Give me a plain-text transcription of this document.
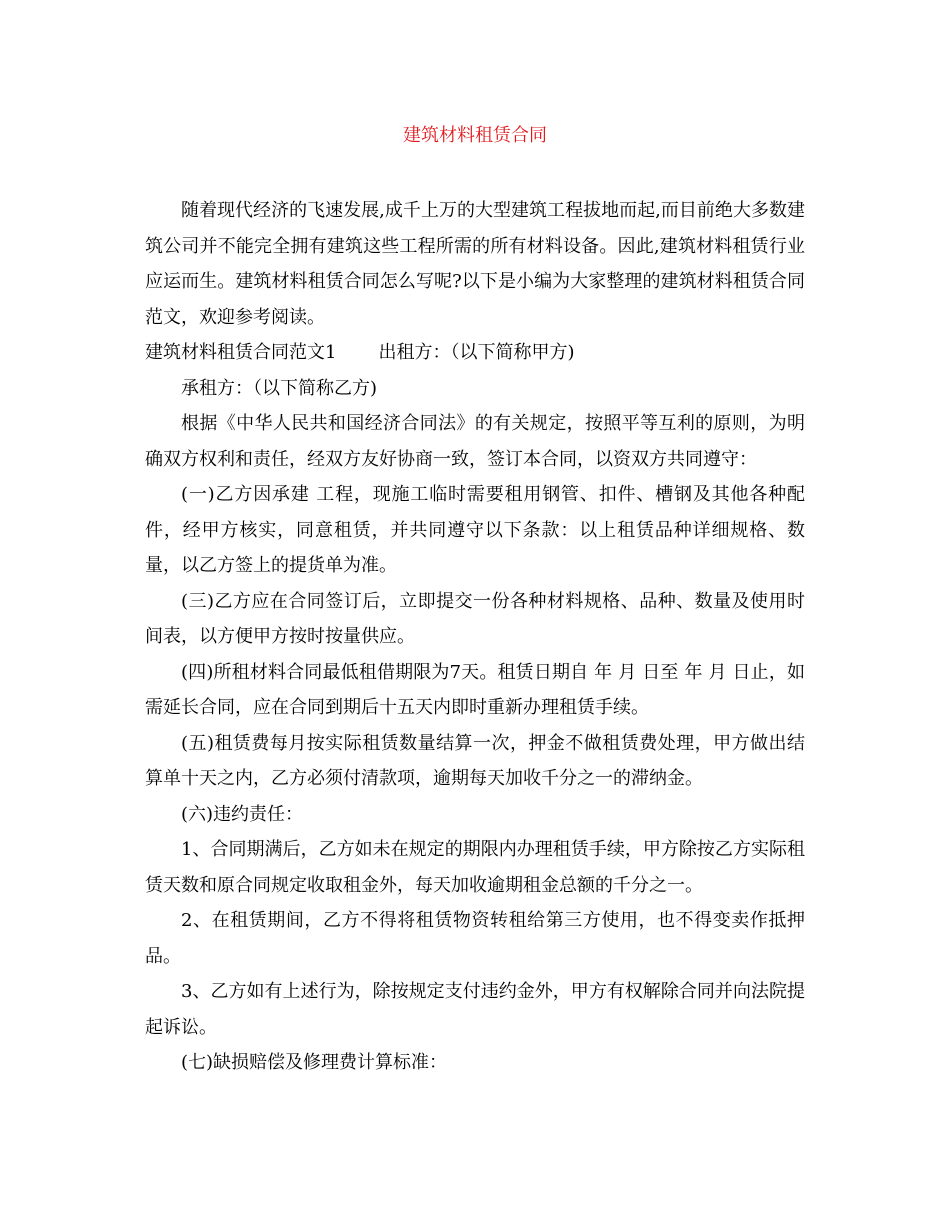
建筑材料租赁合同

随着现代经济的飞速发展,成千上万的大型建筑工程拔地而起,而目前绝大多数建筑公司并不能完全拥有建筑这些工程所需的所有材料设备。因此,建筑材料租赁行业应运而生。建筑材料租赁合同怎么写呢?以下是小编为大家整理的建筑材料租赁合同范文，欢迎参考阅读。

建筑材料租赁合同范文1 出租方：（以下简称甲方)

承租方：（以下简称乙方)

根据《中华人民共和国经济合同法》的有关规定，按照平等互利的原则，为明确双方权利和责任，经双方友好协商一致，签订本合同，以资双方共同遵守：

(一)乙方因承建 工程，现施工临时需要租用钢管、扣件、槽钢及其他各种配件，经甲方核实，同意租赁，并共同遵守以下条款：以上租赁品种详细规格、数量，以乙方签上的提货单为准。

(三)乙方应在合同签订后，立即提交一份各种材料规格、品种、数量及使用时间表，以方便甲方按时按量供应。

(四)所租材料合同最低租借期限为7天。租赁日期自 年 月 日至 年 月 日止，如需延长合同，应在合同到期后十五天内即时重新办理租赁手续。

(五)租赁费每月按实际租赁数量结算一次，押金不做租赁费处理，甲方做出结算单十天之内，乙方必须付清款项，逾期每天加收千分之一的滞纳金。

(六)违约责任：

1、合同期满后，乙方如未在规定的期限内办理租赁手续，甲方除按乙方实际租赁天数和原合同规定收取租金外，每天加收逾期租金总额的千分之一。

2、在租赁期间，乙方不得将租赁物资转租给第三方使用，也不得变卖作抵押品。

3、乙方如有上述行为，除按规定支付违约金外，甲方有权解除合同并向法院提起诉讼。

(七)缺损赔偿及修理费计算标准：
